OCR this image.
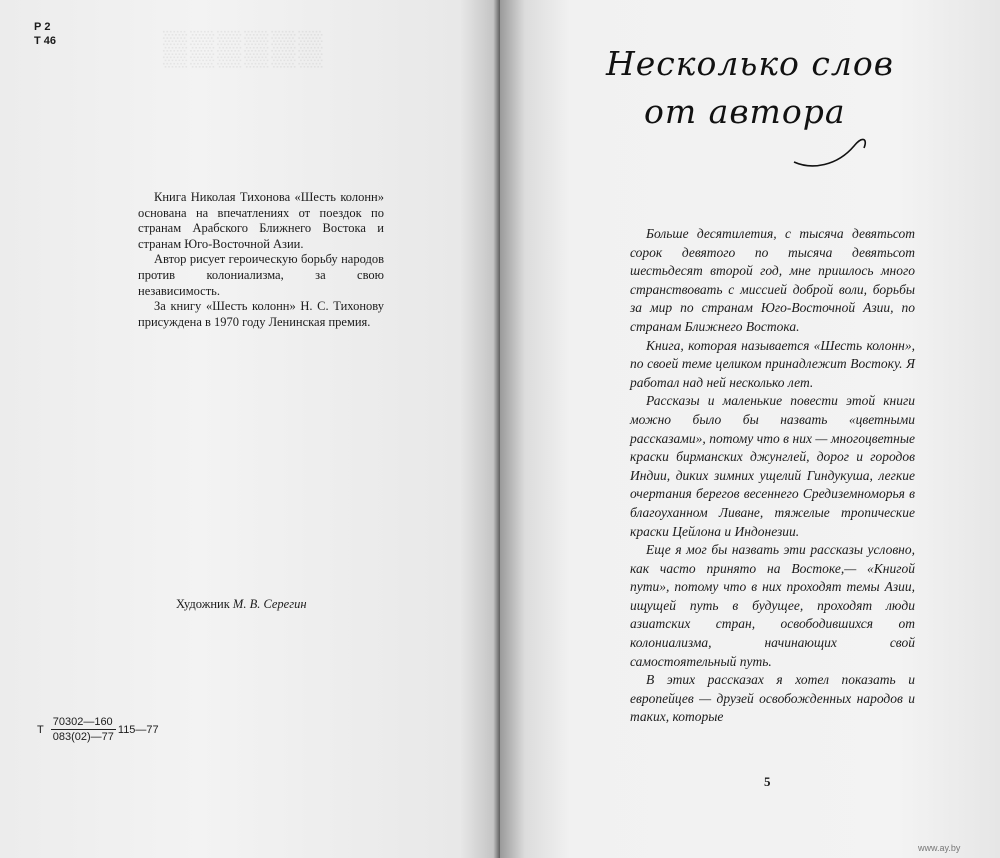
▒▒▒▒▒▒
Р 2
Т 46

Книга Николая Тихонова «Шесть колонн» основана на впечатлениях от поездок по странам Арабского Ближнего Востока и странам Юго-Восточной Азии.

Автор рисует героическую борьбу народов против колониализма, за свою независимость.

За книгу «Шесть колонн» Н. С. Тихонову присуждена в 1970 году Ленинская премия.

Художник М. В. Серегин
Т $\frac{70302—160}{083(02)—77}$ 115—77
Несколько слов
от автора

Больше десятилетия, с тысяча девятьсот сорок девятого по тысяча девятьсот шестьдесят второй год, мне пришлось много странствовать с миссией доброй воли, борьбы за мир по странам Юго-Восточной Азии, по странам Ближнего Востока.

Книга, которая называется «Шесть колонн», по своей теме целиком принадлежит Востоку. Я работал над ней несколько лет.

Рассказы и маленькие повести этой книги можно было бы назвать «цветными рассказами», потому что в них — многоцветные краски бирманских джунглей, дорог и городов Индии, диких зимних ущелий Гиндукуша, легкие очертания берегов весеннего Средиземноморья в благоуханном Ливане, тяжелые тропические краски Цейлона и Индонезии.

Еще я мог бы назвать эти рассказы условно, как часто принято на Востоке,— «Книгой пути», потому что в них проходят темы Азии, ищущей путь в будущее, проходят люди азиатских стран, освободившихся от колониализма, начинающих свой самостоятельный путь.

В этих рассказах я хотел показать и европейцев — друзей освобожденных народов и таких, которые

5
www.ay.by
